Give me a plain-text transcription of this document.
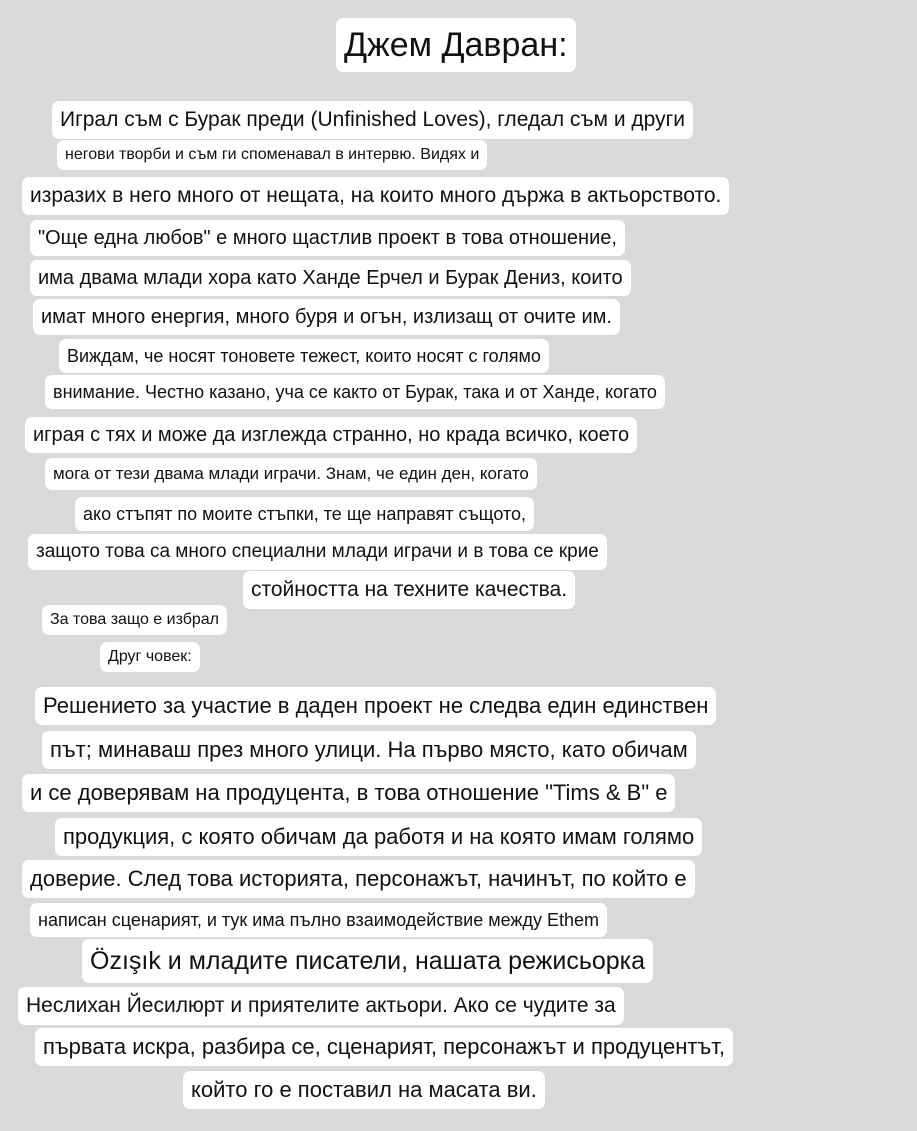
Джем Давран:
Играл съм с Бурак преди (Unfinished Loves), гледал съм и други
негови творби и съм ги споменавал в интервю. Видях и
изразих в него много от нещата, на които много държа в актьорството.
"Още една любов" е много щастлив проект в това отношение,
има двама млади хора като Ханде Ерчел и Бурак Дениз, които
имат много енергия, много буря и огън, излизащ от очите им.
Виждам, че носят тоновете тежест, които носят с голямо
внимание. Честно казано, уча се както от Бурак, така и от Ханде, когато
играя с тях и може да изглежда странно, но крада всичко, което
мога от тези двама млади играчи. Знам, че един ден, когато
ако стъпят по моите стъпки, те ще направят същото,
защото това са много специални млади играчи и в това се крие
стойността на техните качества.
За това защо е избрал
Друг човек:
Решението за участие в даден проект не следва един единствен
път; минаваш през много улици. На първо място, като обичам
и се доверявам на продуцента, в това отношение "Tims & B" е
продукция, с която обичам да работя и на която имам голямо
доверие. След това историята, персонажът, начинът, по който е
написан сценарият, и тук има пълно взаимодействие между Ethem
Özışık и младите писатели, нашата режисьорка
Неслихан Йесилюрт и приятелите актьори. Ако се чудите за
първата искра, разбира се, сценарият, персонажът и продуцентът,
който го е поставил на масата ви.
